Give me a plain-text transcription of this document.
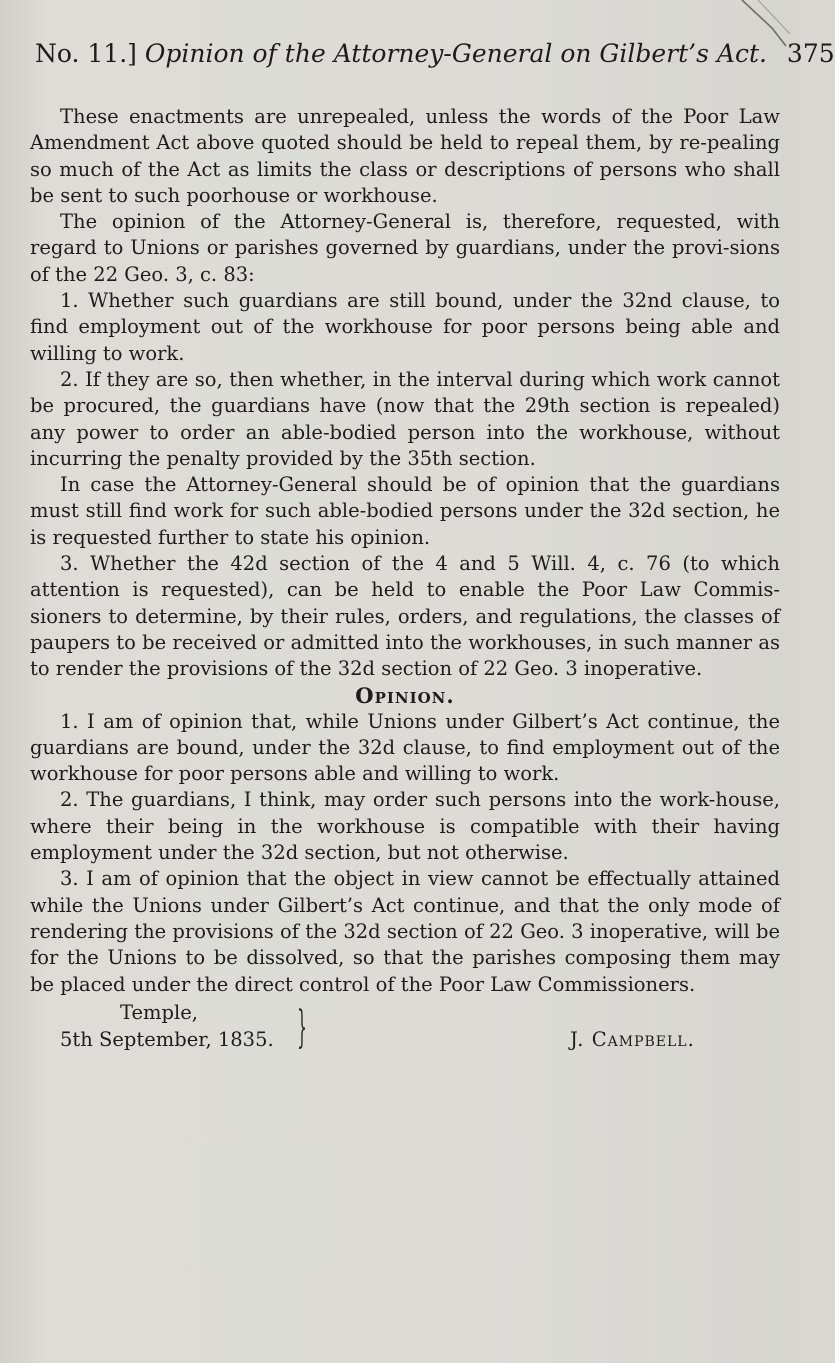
No. 11.] Opinion of the Attorney-General on Gilbert’s Act. 375

These enactments are unrepealed, unless the words of the Poor Law Amendment Act above quoted should be held to repeal them, by re-pealing so much of the Act as limits the class or descriptions of persons who shall be sent to such poorhouse or workhouse.

The opinion of the Attorney-General is, therefore, requested, with regard to Unions or parishes governed by guardians, under the provi-sions of the 22 Geo. 3, c. 83:

1. Whether such guardians are still bound, under the 32nd clause, to find employment out of the workhouse for poor persons being able and willing to work.

2. If they are so, then whether, in the interval during which work cannot be procured, the guardians have (now that the 29th section is repealed) any power to order an able-bodied person into the workhouse, without incurring the penalty provided by the 35th section.

In case the Attorney-General should be of opinion that the guardians must still find work for such able-bodied persons under the 32d section, he is requested further to state his opinion.

3. Whether the 42d section of the 4 and 5 Will. 4, c. 76 (to which attention is requested), can be held to enable the Poor Law Commis-sioners to determine, by their rules, orders, and regulations, the classes of paupers to be received or admitted into the workhouses, in such manner as to render the provisions of the 32d section of 22 Geo. 3 inoperative.

Opinion.

1. I am of opinion that, while Unions under Gilbert’s Act continue, the guardians are bound, under the 32d clause, to find employment out of the workhouse for poor persons able and willing to work.

2. The guardians, I think, may order such persons into the work-house, where their being in the workhouse is compatible with their having employment under the 32d section, but not otherwise.

3. I am of opinion that the object in view cannot be effectually attained while the Unions under Gilbert’s Act continue, and that the only mode of rendering the provisions of the 32d section of 22 Geo. 3 inoperative, will be for the Unions to be dissolved, so that the parishes composing them may be placed under the direct control of the Poor Law Commissioners.

Temple,
5th September, 1835. }	J. Campbell.
